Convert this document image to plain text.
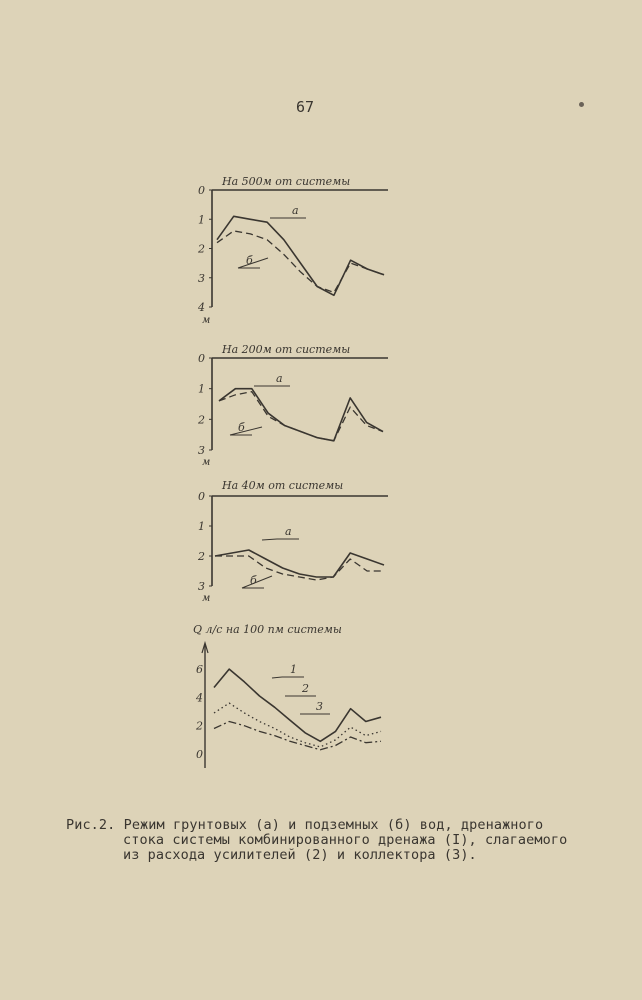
67
На 500м от системы
0
1
2
3
4
м
а
б
На 200м от системы
0
1
2
3
м
а
б
На 40м от системы
0
1
2
3
м
а
б
Q л/с на 100 пм системы
0
2
4
6	1
2
3
Рис.2. Режим грунтовых (а) и подземных (б) вод, дренажного
стока системы комбинированного дренажа (I), слагаемого
из расхода усилителей (2) и коллектора (3).
